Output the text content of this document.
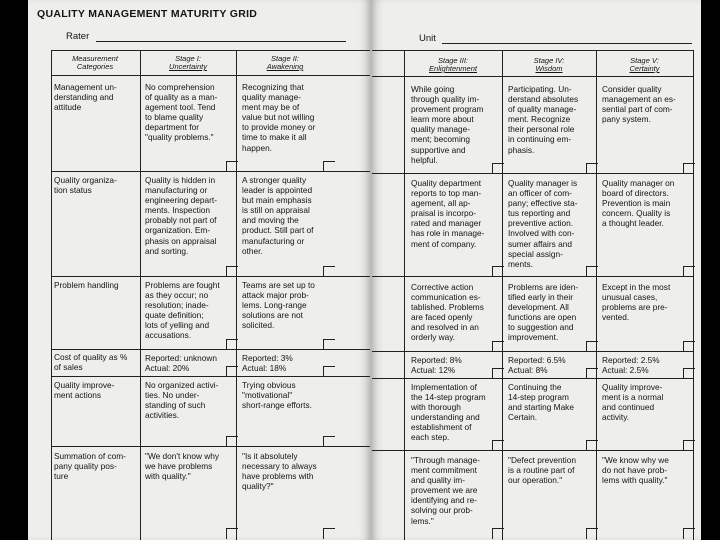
QUALITY MANAGEMENT MATURITY GRID
Rater	Unit
Measurement
Categories
Stage I:
Uncertainty
Stage II:
Awakening
Stage III:
Enlightenment
Stage IV:
Wisdom
Stage V:
Certainty
Management un-
derstanding and
attitude
No comprehension
of quality as a man-
agement tool. Tend
to blame quality
department for
"quality problems."
Recognizing that
quality manage-
ment may be of
value but not willing
to provide money or
time to make it all
happen.
While going
through quality im-
provement program
learn more about
quality manage-
ment; becoming
supportive and
helpful.
Participating. Un-
derstand absolutes
of quality manage-
ment. Recognize
their personal role
in continuing em-
phasis.
Consider quality
management an es-
sential part of com-
pany system.
Quality organiza-
tion status
Quality is hidden in
manufacturing or
engineering depart-
ments. Inspection
probably not part of
organization. Em-
phasis on appraisal
and sorting.
A stronger quality
leader is appointed
but main emphasis
is still on appraisal
and moving the
product. Still part of
manufacturing or
other.
Quality department
reports to top man-
agement, all ap-
praisal is incorpo-
rated and manager
has role in manage-
ment of company.
Quality manager is
an officer of com-
pany; effective sta-
tus reporting and
preventive action.
Involved with con-
sumer affairs and
special assign-
ments.
Quality manager on
board of directors.
Prevention is main
concern. Quality is
a thought leader.
Problem handling	Problems are fought
as they occur; no
resolution; inade-
quate definition;
lots of yelling and
accusations.
Teams are set up to
attack major prob-
lems. Long-range
solutions are not
solicited.
Corrective action
communication es-
tablished. Problems
are faced openly
and resolved in an
orderly way.
Problems are iden-
tified early in their
development. All
functions are open
to suggestion and
improvement.
Except in the most
unusual cases,
problems are pre-
vented.
Cost of quality as %
of sales
Reported: unknown
Actual: 20%
Reported: 3%
Actual: 18%
Reported: 8%
Actual: 12%
Reported: 6.5%
Actual: 8%
Reported: 2.5%
Actual: 2.5%
Quality improve-
ment actions
No organized activi-
ties. No under-
standing of such
activities.
Trying obvious
"motivational"
short-range efforts.
Implementation of
the 14-step program
with thorough
understanding and
establishment of
each step.
Continuing the
14-step program
and starting Make
Certain.
Quality improve-
ment is a normal
and continued
activity.
Summation of com-
pany quality pos-
ture
"We don't know why
we have problems
with quality."
"Is it absolutely
necessary to always
have problems with
quality?"
"Through manage-
ment commitment
and quality im-
provement we are
identifying and re-
solving our prob-
lems."
"Defect prevention
is a routine part of
our operation."
"We know why we
do not have prob-
lems with quality."
